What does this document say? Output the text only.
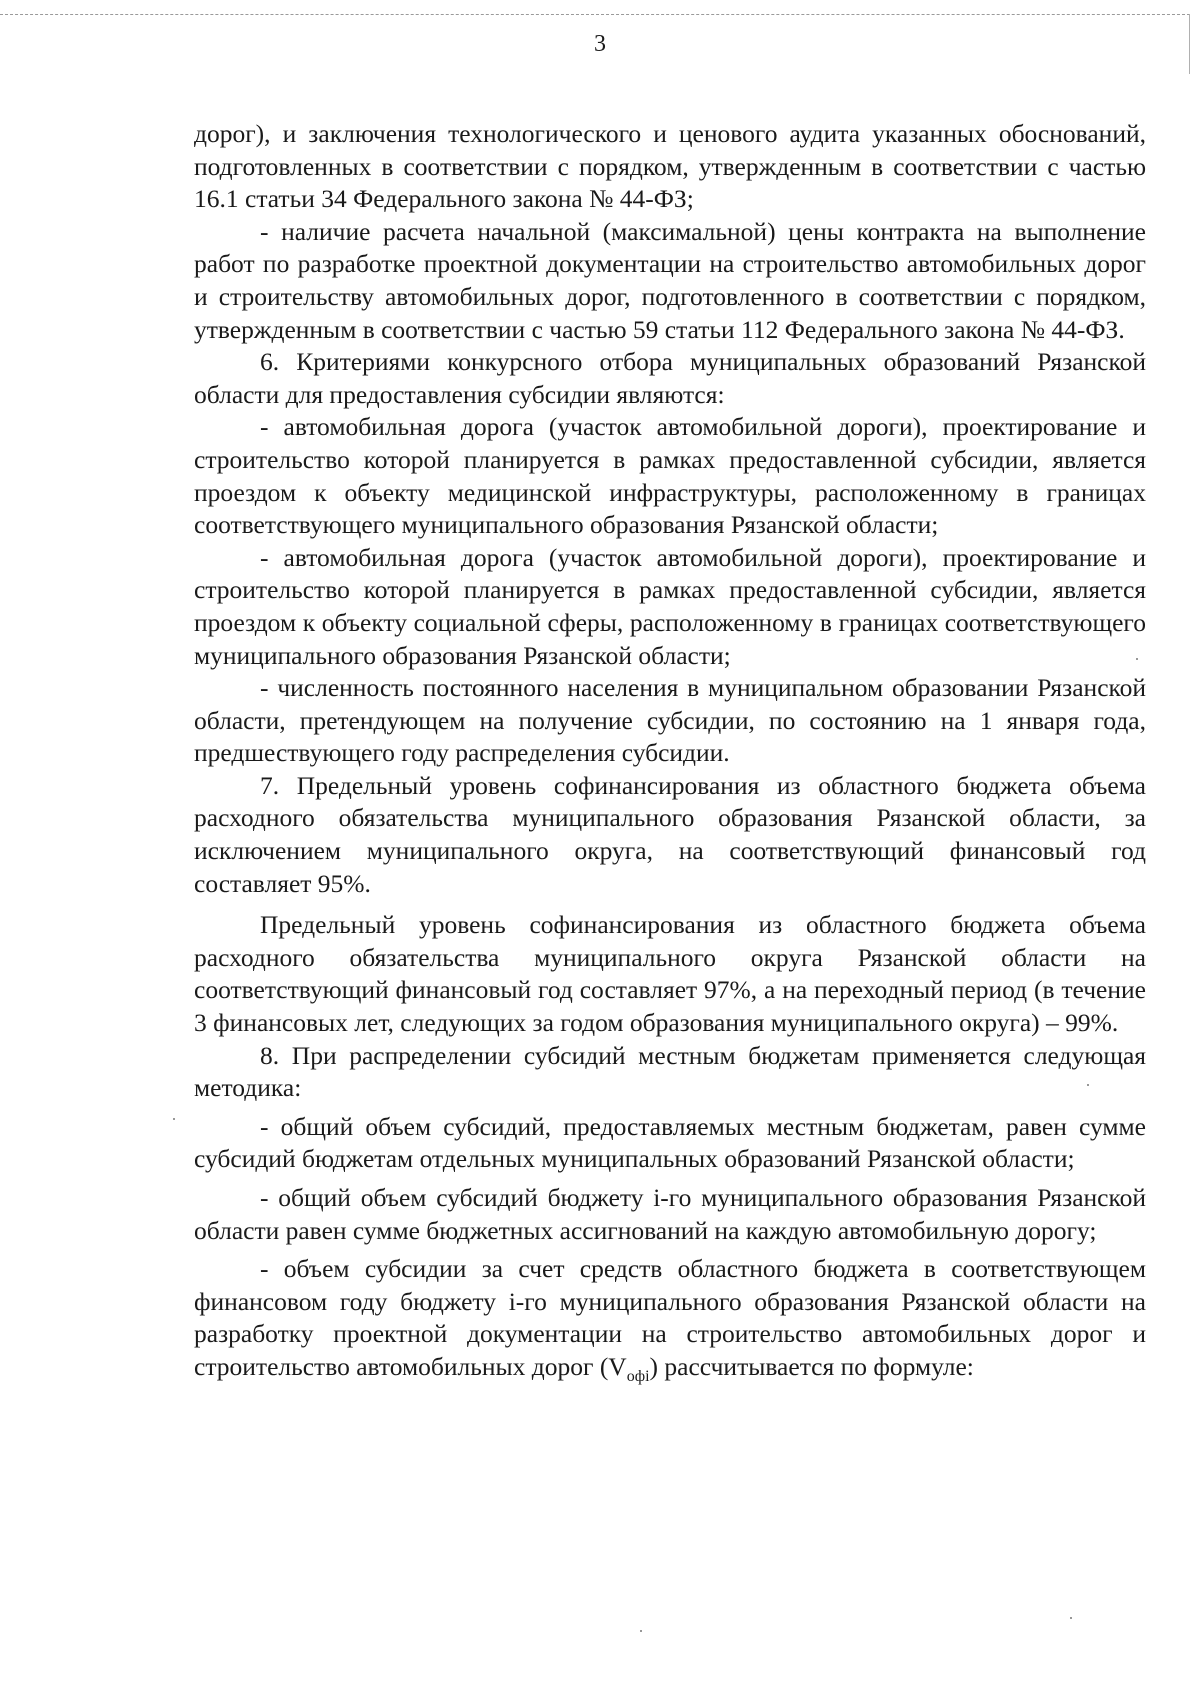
3

дорог), и заключения технологического и ценового аудита указанных обоснований, подготовленных в соответствии с порядком, утвержденным в соответствии с частью 16.1 статьи 34 Федерального закона № 44-ФЗ;

- наличие расчета начальной (максимальной) цены контракта на выполнение работ по разработке проектной документации на строительство автомобильных дорог и строительству автомобильных дорог, подготовленного в соответствии с порядком, утвержденным в соответствии с частью 59 статьи 112 Федерального закона № 44-ФЗ.

6. Критериями конкурсного отбора муниципальных образований Рязанской области для предоставления субсидии являются:

- автомобильная дорога (участок автомобильной дороги), проектирование и строительство которой планируется в рамках предоставленной субсидии, является проездом к объекту медицинской инфраструктуры, расположенному в границах соответствующего муниципального образования Рязанской области;

- автомобильная дорога (участок автомобильной дороги), проектирование и строительство которой планируется в рамках предоставленной субсидии, является проездом к объекту социальной сферы, расположенному в границах соответствующего муниципального образования Рязанской области;

- численность постоянного населения в муниципальном образовании Рязанской области, претендующем на получение субсидии, по состоянию на 1 января года, предшествующего году распределения субсидии.

7. Предельный уровень софинансирования из областного бюджета объема расходного обязательства муниципального образования Рязанской области, за исключением муниципального округа, на соответствующий финансовый год составляет 95%.

Предельный уровень софинансирования из областного бюджета объема расходного обязательства муниципального округа Рязанской области на соответствующий финансовый год составляет 97%, а на переходный период (в течение 3 финансовых лет, следующих за годом образования муниципального округа) – 99%.

8. При распределении субсидий местным бюджетам применяется следующая методика:

- общий объем субсидий, предоставляемых местным бюджетам, равен сумме субсидий бюджетам отдельных муниципальных образований Рязанской области;

- общий объем субсидий бюджету i-го муниципального образования Рязанской области равен сумме бюджетных ассигнований на каждую автомобильную дорогу;

- объем субсидии за счет средств областного бюджета в соответствующем финансовом году бюджету i-го муниципального образования Рязанской области на разработку проектной документации на строительство автомобильных дорог и строительство автомобильных дорог $(V_{офi})$ рассчитывается по формуле:
